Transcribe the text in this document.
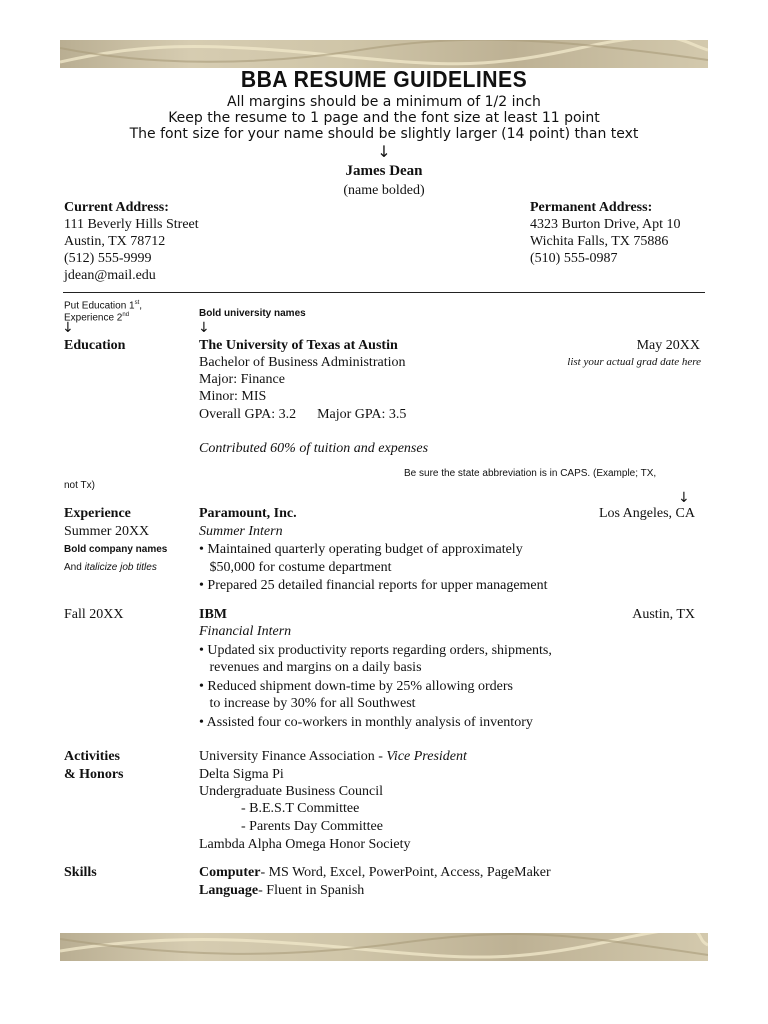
BBA RESUME GUIDELINES
All margins should be a minimum of 1/2 inch
Keep the resume to 1 page and the font size at least 11 point
The font size for your name should be slightly larger (14 point) than text
↓
James Dean
(name bolded)
Current Address:
111 Beverly Hills Street
Austin, TX 78712
(512) 555-9999
jdean@mail.edu
Permanent Address:
4323 Burton Drive, Apt 10
Wichita Falls, TX 75886
(510) 555-0987
Put Education 1st,
Experience 2nd
↓
Bold university names
↓
Education	The University of Texas at Austin	May 20XX
Bachelor of Business Administration	list your actual grad date here
Major: Finance
Minor: MIS
Overall GPA: 3.2      Major GPA: 3.5
Contributed 60% of tuition and expenses
Be sure the state abbreviation is in CAPS. (Example; TX,
not Tx)
↓
Experience	Paramount, Inc.	Los Angeles, CA
Summer 20XX	Summer Intern
Bold company names
And italicize job titles
• Maintained quarterly operating budget of approximately
$50,000 for costume department
• Prepared 25 detailed financial reports for upper management
Fall 20XX	IBM	Austin, TX
Financial Intern
• Updated six productivity reports regarding orders, shipments,
revenues and margins on a daily basis
• Reduced shipment down-time by 25% allowing orders
to increase by 30% for all Southwest
• Assisted four co-workers in monthly analysis of inventory
Activities
& Honors
University Finance Association - Vice President
Delta Sigma Pi
Undergraduate Business Council
- B.E.S.T Committee
- Parents Day Committee
Lambda Alpha Omega Honor Society
Skills	Computer- MS Word, Excel, PowerPoint, Access, PageMaker
Language- Fluent in Spanish
